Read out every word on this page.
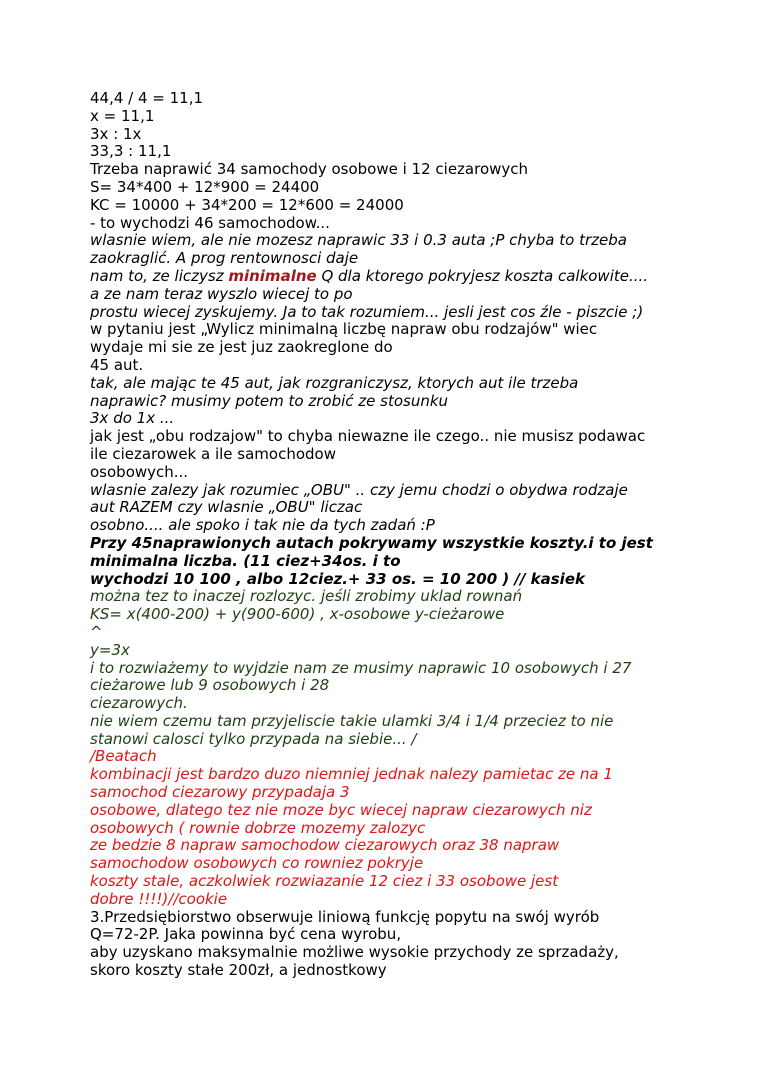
44,4 / 4 = 11,1
x = 11,1
3x : 1x
33,3 : 11,1
Trzeba naprawić 34 samochody osobowe i 12 ciezarowych
S= 34*400 + 12*900 = 24400
KC = 10000 + 34*200 = 12*600 = 24000
- to wychodzi 46 samochodow...
wlasnie wiem, ale nie mozesz naprawic 33 i 0.3 auta ;P chyba to trzeba
zaokraglić. A prog rentownosci daje
nam to, ze liczysz minimalne Q dla ktorego pokryjesz koszta calkowite....
a ze nam teraz wyszlo wiecej to po
prostu wiecej zyskujemy. Ja to tak rozumiem... jesli jest cos źle - piszcie ;)
w pytaniu jest „Wylicz minimalną liczbę napraw obu rodzajów" wiec
wydaje mi sie ze jest juz zaokreglone do
45 aut.
tak, ale mając te 45 aut, jak rozgraniczysz, ktorych aut ile trzeba
naprawic? musimy potem to zrobić ze stosunku
3x do 1x ...
jak jest „obu rodzajow" to chyba niewazne ile czego.. nie musisz podawac
ile ciezarowek a ile samochodow
osobowych...
wlasnie zalezy jak rozumiec „OBU" .. czy jemu chodzi o obydwa rodzaje
aut RAZEM czy wlasnie „OBU" liczac
osobno.... ale spoko i tak nie da tych zadań :P
Przy 45naprawionych autach pokrywamy wszystkie koszty.i to jest
minimalna liczba. (11 ciez+34os. i to
wychodzi 10 100 , albo 12ciez.+ 33 os. = 10 200 ) // kasiek
można tez to inaczej rozlozyc. jeśli zrobimy uklad rownań
KS= x(400-200) + y(900-600) , x-osobowe y-cieżarowe
^
y=3x
i to rozwiażemy to wyjdzie nam ze musimy naprawic 10 osobowych i 27
cieżarowe lub 9 osobowych i 28
ciezarowych.
nie wiem czemu tam przyjeliscie takie ulamki 3/4 i 1/4 przeciez to nie
stanowi calosci tylko przypada na siebie... /
/Beatach
kombinacji jest bardzo duzo niemniej jednak nalezy pamietac ze na 1
samochod ciezarowy przypadaja 3
osobowe, dlatego tez nie moze byc wiecej napraw ciezarowych niz
osobowych ( rownie dobrze mozemy zalozyc
ze bedzie 8 napraw samochodow ciezarowych oraz 38 napraw
samochodow osobowych co rowniez pokryje
koszty stale, aczkolwiek rozwiazanie 12 ciez i 33 osobowe jest
dobre !!!!)//cookie
3.Przedsiębiorstwo obserwuje liniową funkcję popytu na swój wyrób
Q=72-2P. Jaka powinna być cena wyrobu,
aby uzyskano maksymalnie możliwe wysokie przychody ze sprzadaży,
skoro koszty stałe 200zł, a jednostkowy
